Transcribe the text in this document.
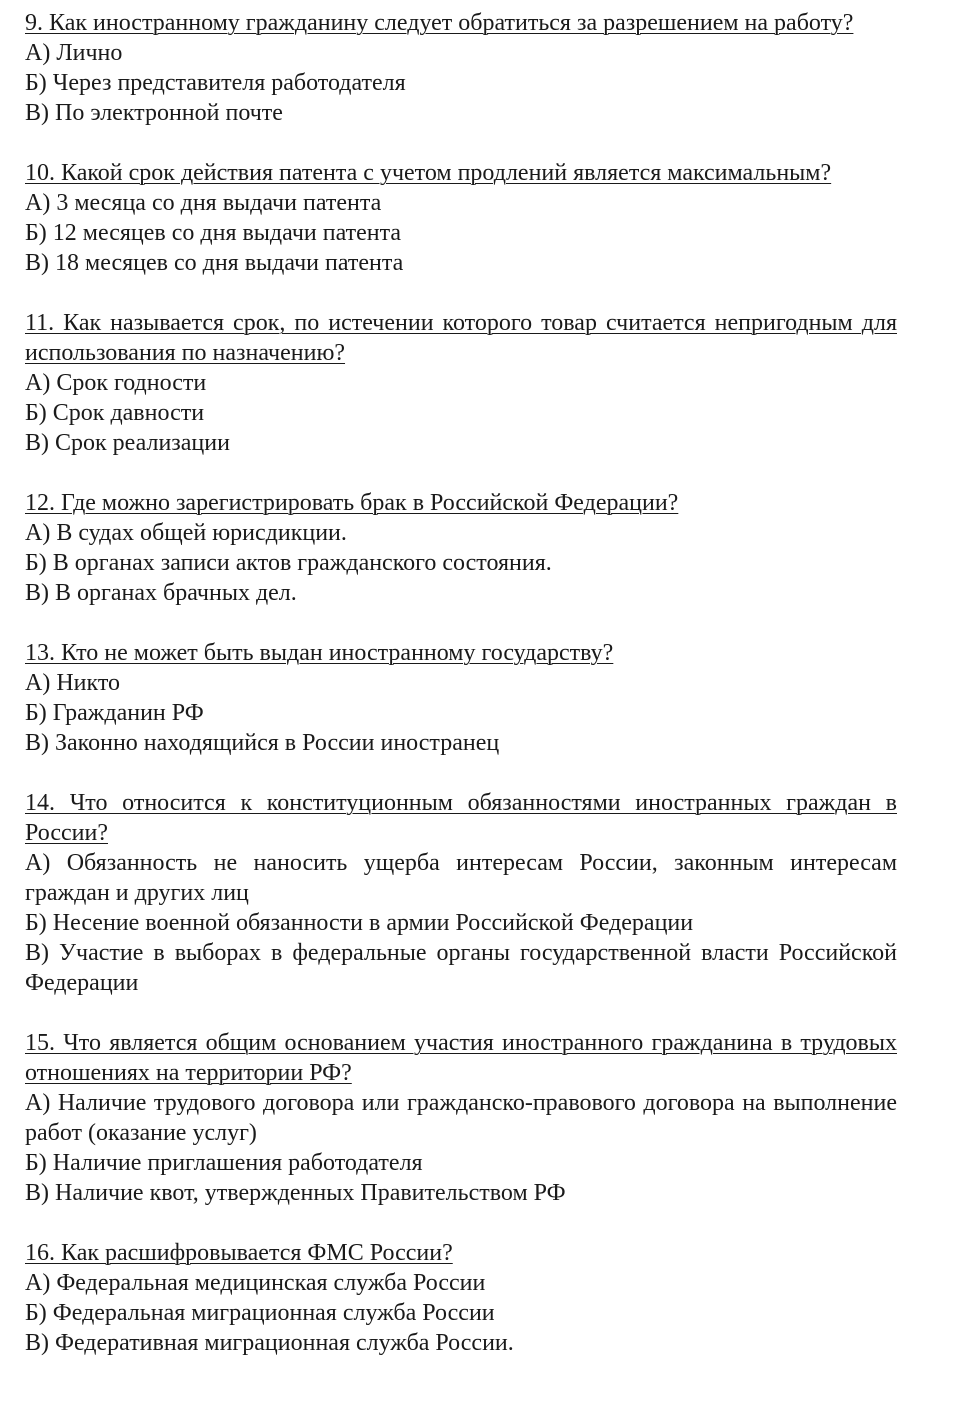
9. Как иностранному гражданину следует обратиться за разрешением на работу?

А) Лично
Б) Через представителя работодателя
В) По электронной почте

10. Какой срок действия патента с учетом продлений является максимальным?

А) 3 месяца со дня выдачи патента
Б) 12 месяцев со дня выдачи патента
В) 18 месяцев со дня выдачи патента

11. Как называется срок, по истечении которого товар считается непригодным для использования по назначению?

А) Срок годности
Б) Срок давности
В) Срок реализации

12. Где можно зарегистрировать брак в Российской Федерации?

А) В судах общей юрисдикции.
Б) В органах записи актов гражданского состояния.
В) В органах брачных дел.

13. Кто не может быть выдан иностранному государству?

А) Никто
Б) Гражданин РФ
В) Законно находящийся в России иностранец

14. Что относится к конституционным обязанностями иностранных граждан в России?

А) Обязанность не наносить ущерба интересам России, законным интересам граждан и других лиц
Б) Несение военной обязанности в армии Российской Федерации
В) Участие в выборах в федеральные органы государственной власти Российской Федерации

15. Что является общим основанием участия иностранного гражданина в трудовых отношениях на территории РФ?

А) Наличие трудового договора или гражданско-правового договора на выполнение работ (оказание услуг)
Б) Наличие приглашения работодателя
В) Наличие квот, утвержденных Правительством РФ

16. Как расшифровывается ФМС России?

А) Федеральная медицинская служба России
Б) Федеральная миграционная служба России
В) Федеративная миграционная служба России.
